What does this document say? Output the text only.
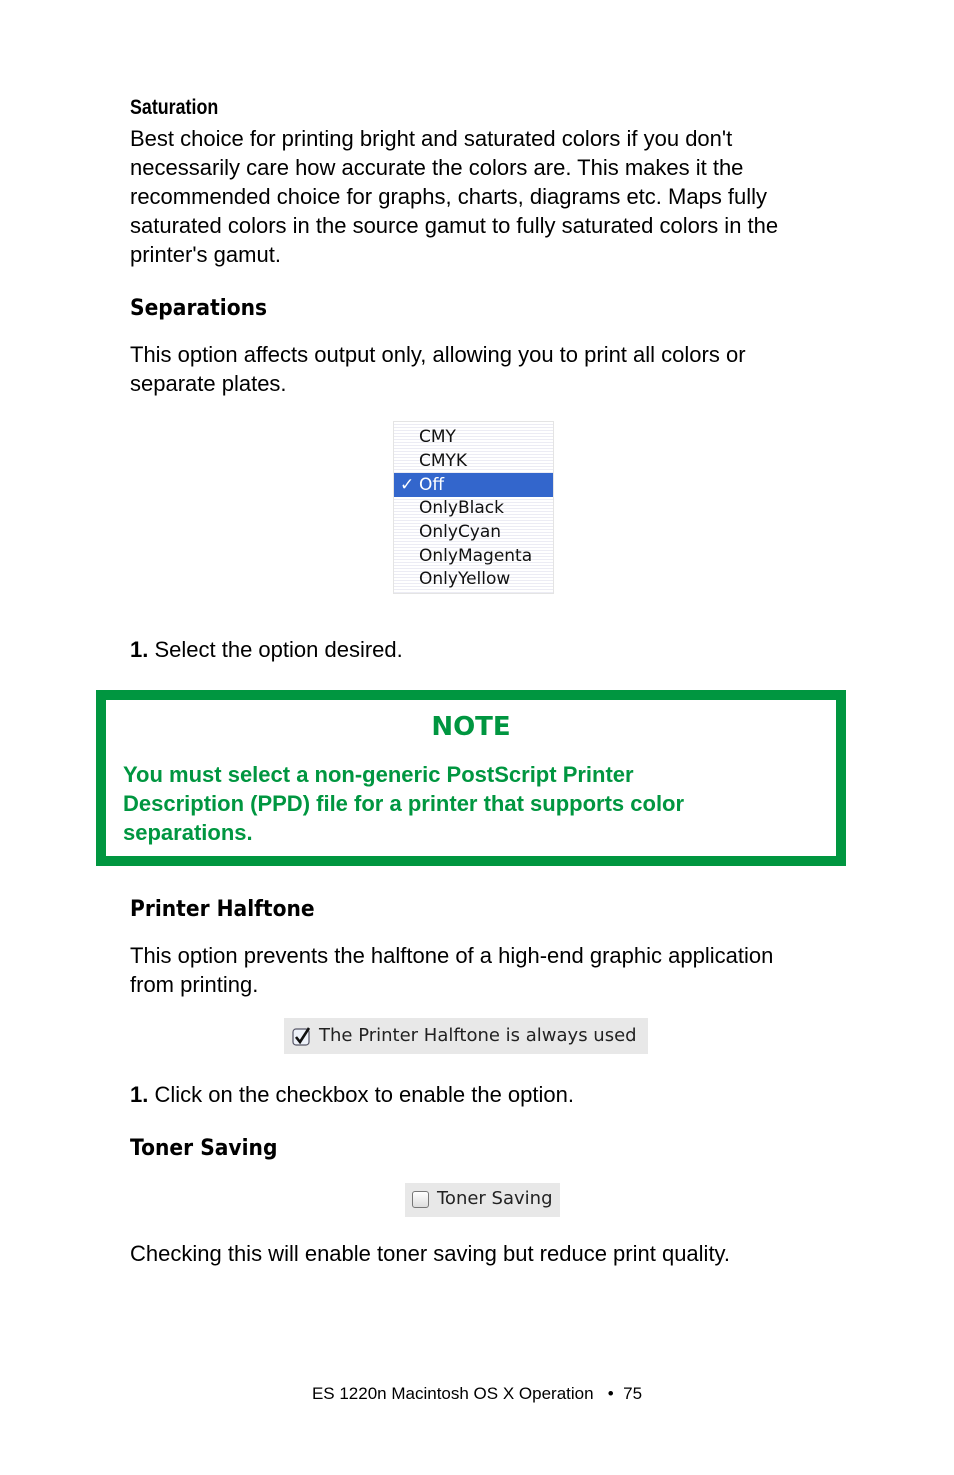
Saturation
Best choice for printing bright and saturated colors if you don't
necessarily care how accurate the colors are. This makes it the
recommended choice for graphs, charts, diagrams etc. Maps fully
saturated colors in the source gamut to fully saturated colors in the
printer's gamut.
Separations
This option affects output only, allowing you to print all colors or
separate plates.
CMY
CMYK
✓ Off
OnlyBlack
OnlyCyan
OnlyMagenta
OnlyYellow
1. Select the option desired.
NOTE
You must select a non-generic PostScript Printer
Description (PPD) file for a printer that supports color
separations.
Printer Halftone
This option prevents the halftone of a high-end graphic application
from printing.
The Printer Halftone is always used
1. Click on the checkbox to enable the option.
Toner Saving
Toner Saving
Checking this will enable toner saving but reduce print quality.
ES 1220n Macintosh OS X Operation   •  75
